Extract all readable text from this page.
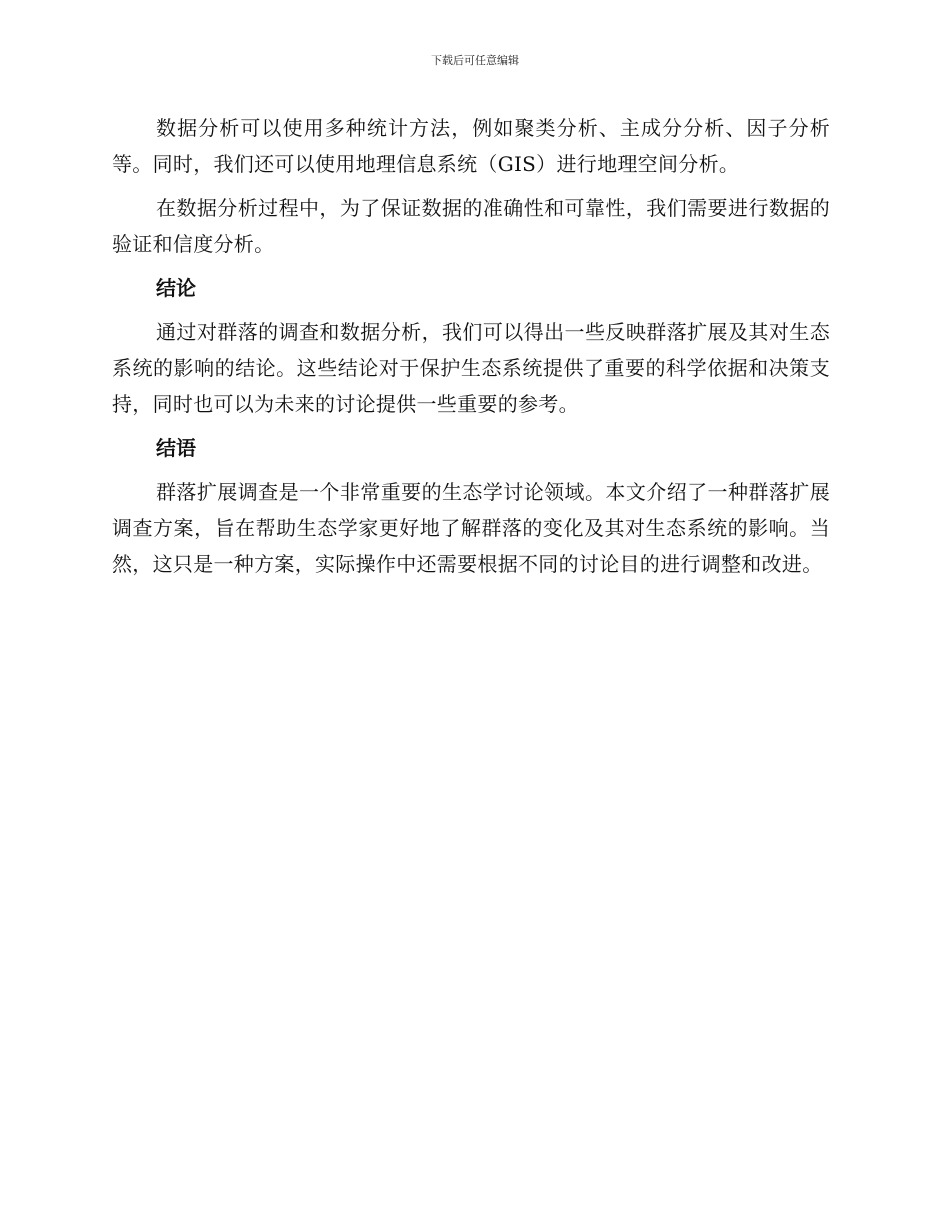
下载后可任意编辑

数据分析可以使用多种统计方法，例如聚类分析、主成分分析、因子分析等。同时，我们还可以使用地理信息系统（GIS）进行地理空间分析。

在数据分析过程中，为了保证数据的准确性和可靠性，我们需要进行数据的验证和信度分析。

结论

通过对群落的调查和数据分析，我们可以得出一些反映群落扩展及其对生态系统的影响的结论。这些结论对于保护生态系统提供了重要的科学依据和决策支持，同时也可以为未来的讨论提供一些重要的参考。

结语

群落扩展调查是一个非常重要的生态学讨论领域。本文介绍了一种群落扩展调查方案，旨在帮助生态学家更好地了解群落的变化及其对生态系统的影响。当然，这只是一种方案，实际操作中还需要根据不同的讨论目的进行调整和改进。
